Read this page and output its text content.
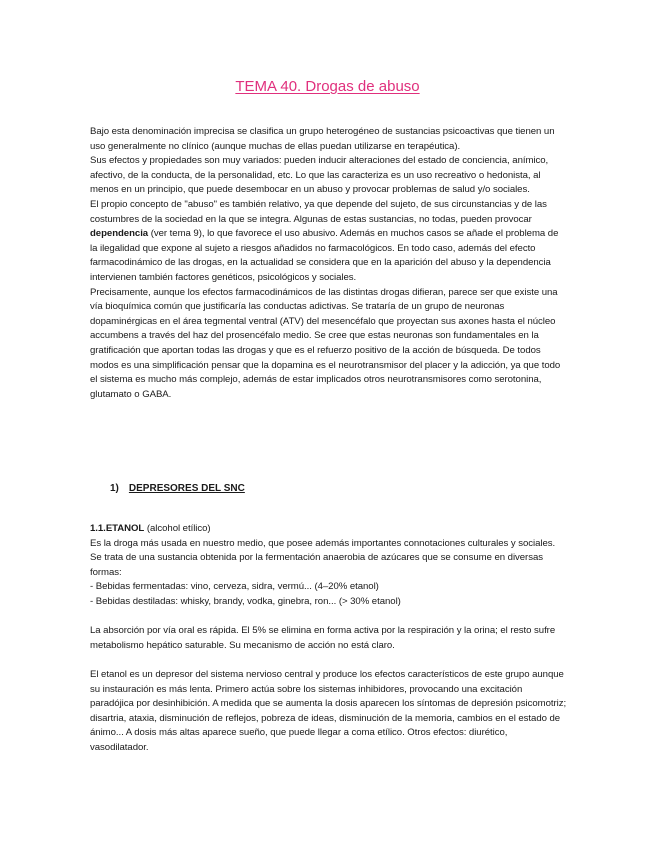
TEMA 40. Drogas de abuso

Bajo esta denominación imprecisa se clasifica un grupo heterogéneo de sustancias psicoactivas que tienen un uso generalmente no clínico (aunque muchas de ellas puedan utilizarse en terapéutica).

Sus efectos y propiedades son muy variados: pueden inducir alteraciones del estado de conciencia, anímico, afectivo, de la conducta, de la personalidad, etc. Lo que las caracteriza es un uso recreativo o hedonista, al menos en un principio, que puede desembocar en un abuso y provocar problemas de salud y/o sociales.

El propio concepto de "abuso" es también relativo, ya que depende del sujeto, de sus circunstancias y de las costumbres de la sociedad en la que se integra. Algunas de estas sustancias, no todas, pueden provocar dependencia (ver tema 9), lo que favorece el uso abusivo. Además en muchos casos se añade el problema de la ilegalidad que expone al sujeto a riesgos añadidos no farmacológicos. En todo caso, además del efecto farmacodinámico de las drogas, en la actualidad se considera que en la aparición del abuso y la dependencia intervienen también factores genéticos, psicológicos y sociales.

Precisamente, aunque los efectos farmacodinámicos de las distintas drogas difieran, parece ser que existe una vía bioquímica común que justificaría las conductas adictivas. Se trataría de un grupo de neuronas dopaminérgicas en el área tegmental ventral (ATV) del mesencéfalo que proyectan sus axones hasta el núcleo accumbens a través del haz del prosencéfalo medio. Se cree que estas neuronas son fundamentales en la gratificación que aportan todas las drogas y que es el refuerzo positivo de la acción de búsqueda. De todos modos es una simplificación pensar que la dopamina es el neurotransmisor del placer y la adicción, ya que todo el sistema es mucho más complejo, además de estar implicados otros neurotransmisores como serotonina, glutamato o GABA.

1) DEPRESORES DEL SNC

1.1.ETANOL (alcohol etílico)

Es la droga más usada en nuestro medio, que posee además importantes connotaciones culturales y sociales. Se trata de una sustancia obtenida por la fermentación anaerobia de azúcares que se consume en diversas formas:

- Bebidas fermentadas: vino, cerveza, sidra, vermú... (4–20% etanol)

- Bebidas destiladas: whisky, brandy, vodka, ginebra, ron... (> 30% etanol)

La absorción por vía oral es rápida. El 5% se elimina en forma activa por la respiración y la orina; el resto sufre metabolismo hepático saturable. Su mecanismo de acción no está claro.

El etanol es un depresor del sistema nervioso central y produce los efectos característicos de este grupo aunque su instauración es más lenta. Primero actúa sobre los sistemas inhibidores, provocando una excitación paradójica por desinhibición. A medida que se aumenta la dosis aparecen los síntomas de depresión psicomotriz; disartria, ataxia, disminución de reflejos, pobreza de ideas, disminución de la memoria, cambios en el estado de ánimo... A dosis más altas aparece sueño, que puede llegar a coma etílico. Otros efectos: diurético, vasodilatador.
